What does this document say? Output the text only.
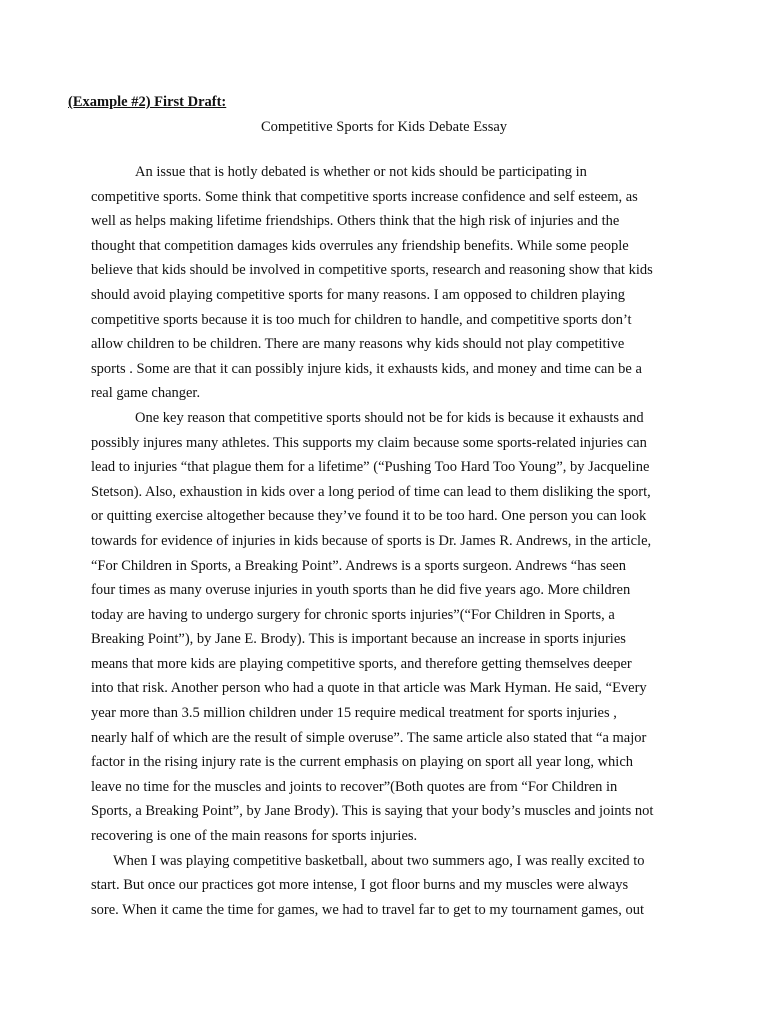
(Example #2) First Draft:
Competitive Sports for Kids Debate Essay
An issue that is hotly debated is whether or not kids should be participating in
competitive sports. Some think that competitive sports increase confidence and self esteem, as
well as helps making lifetime friendships. Others think that the high risk of injuries and the
thought that competition damages kids overrules any friendship benefits. While some people
believe that kids should be involved in competitive sports, research and reasoning show that kids
should avoid playing competitive sports for many reasons. I am opposed to children playing
competitive sports because it is too much for children to handle, and competitive sports don’t
allow children to be children. There are many reasons why kids should not play competitive
sports . Some are that it can possibly injure kids, it exhausts kids, and money and time can be a
real game changer.
One key reason that competitive sports should not be for kids is because it exhausts and
possibly injures many athletes. This supports my claim because some sports-related injuries can
lead to injuries “that plague them for a lifetime” (“Pushing Too Hard Too Young”, by Jacqueline
Stetson). Also, exhaustion in kids over a long period of time can lead to them disliking the sport,
or quitting exercise altogether because they’ve found it to be too hard. One person you can look
towards for evidence of injuries in kids because of sports is Dr. James R. Andrews, in the article,
“For Children in Sports, a Breaking Point”. Andrews is a sports surgeon. Andrews “has seen
four times as many overuse injuries in youth sports than he did five years ago. More children
today are having to undergo surgery for chronic sports injuries”(“For Children in Sports, a
Breaking Point”), by Jane E. Brody). This is important because an increase in sports injuries
means that more kids are playing competitive sports, and therefore getting themselves deeper
into that risk. Another person who had a quote in that article was Mark Hyman. He said, “Every
year more than 3.5 million children under 15 require medical treatment for sports injuries ,
nearly half of which are the result of simple overuse”. The same article also stated that “a major
factor in the rising injury rate is the current emphasis on playing on sport all year long, which
leave no time for the muscles and joints to recover”(Both quotes are from “For Children in
Sports, a Breaking Point”, by Jane Brody). This is saying that your body’s muscles and joints not
recovering is one of the main reasons for sports injuries.
When I was playing competitive basketball, about two summers ago, I was really excited to
start. But once our practices got more intense, I got floor burns and my muscles were always
sore. When it came the time for games, we had to travel far to get to my tournament games, out
